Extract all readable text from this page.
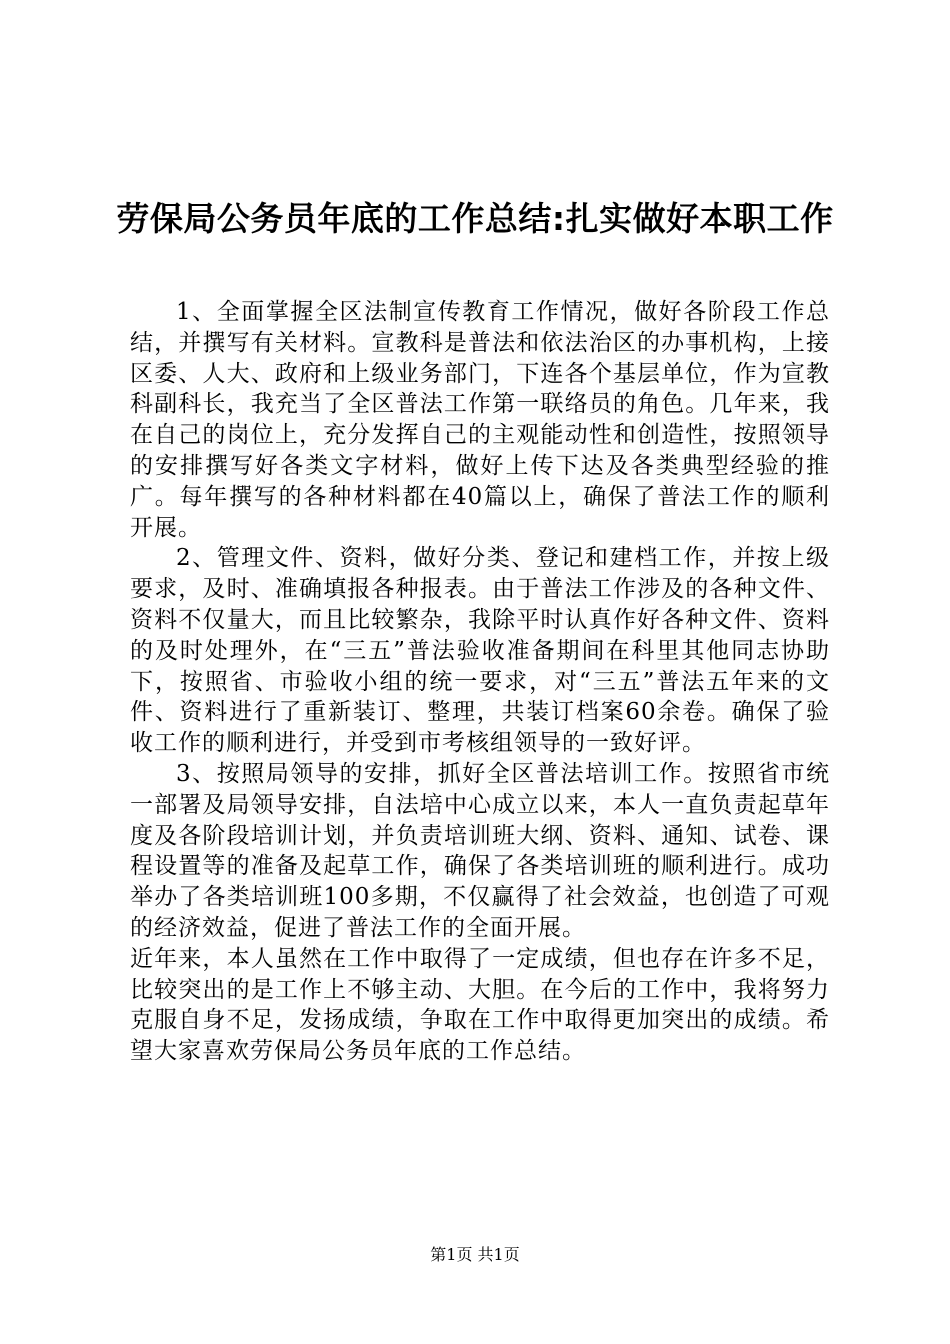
劳保局公务员年底的工作总结:扎实做好本职工作

1、全面掌握全区法制宣传教育工作情况，做好各阶段工作总结，并撰写有关材料。宣教科是普法和依法治区的办事机构，上接区委、人大、政府和上级业务部门，下连各个基层单位，作为宣教科副科长，我充当了全区普法工作第一联络员的角色。几年来，我在自己的岗位上，充分发挥自己的主观能动性和创造性，按照领导的安排撰写好各类文字材料，做好上传下达及各类典型经验的推广。每年撰写的各种材料都在40篇以上，确保了普法工作的顺利开展。

2、管理文件、资料，做好分类、登记和建档工作，并按上级要求，及时、准确填报各种报表。由于普法工作涉及的各种文件、资料不仅量大，而且比较繁杂，我除平时认真作好各种文件、资料的及时处理外，在“三五”普法验收准备期间在科里其他同志协助下，按照省、市验收小组的统一要求，对“三五”普法五年来的文件、资料进行了重新装订、整理，共装订档案60余卷。确保了验收工作的顺利进行，并受到市考核组领导的一致好评。

3、按照局领导的安排，抓好全区普法培训工作。按照省市统一部署及局领导安排，自法培中心成立以来，本人一直负责起草年度及各阶段培训计划，并负责培训班大纲、资料、通知、试卷、课程设置等的准备及起草工作，确保了各类培训班的顺利进行。成功举办了各类培训班100多期，不仅赢得了社会效益，也创造了可观的经济效益，促进了普法工作的全面开展。

近年来，本人虽然在工作中取得了一定成绩，但也存在许多不足，比较突出的是工作上不够主动、大胆。在今后的工作中，我将努力克服自身不足，发扬成绩，争取在工作中取得更加突出的成绩。希望大家喜欢劳保局公务员年底的工作总结。

第1页 共1页
